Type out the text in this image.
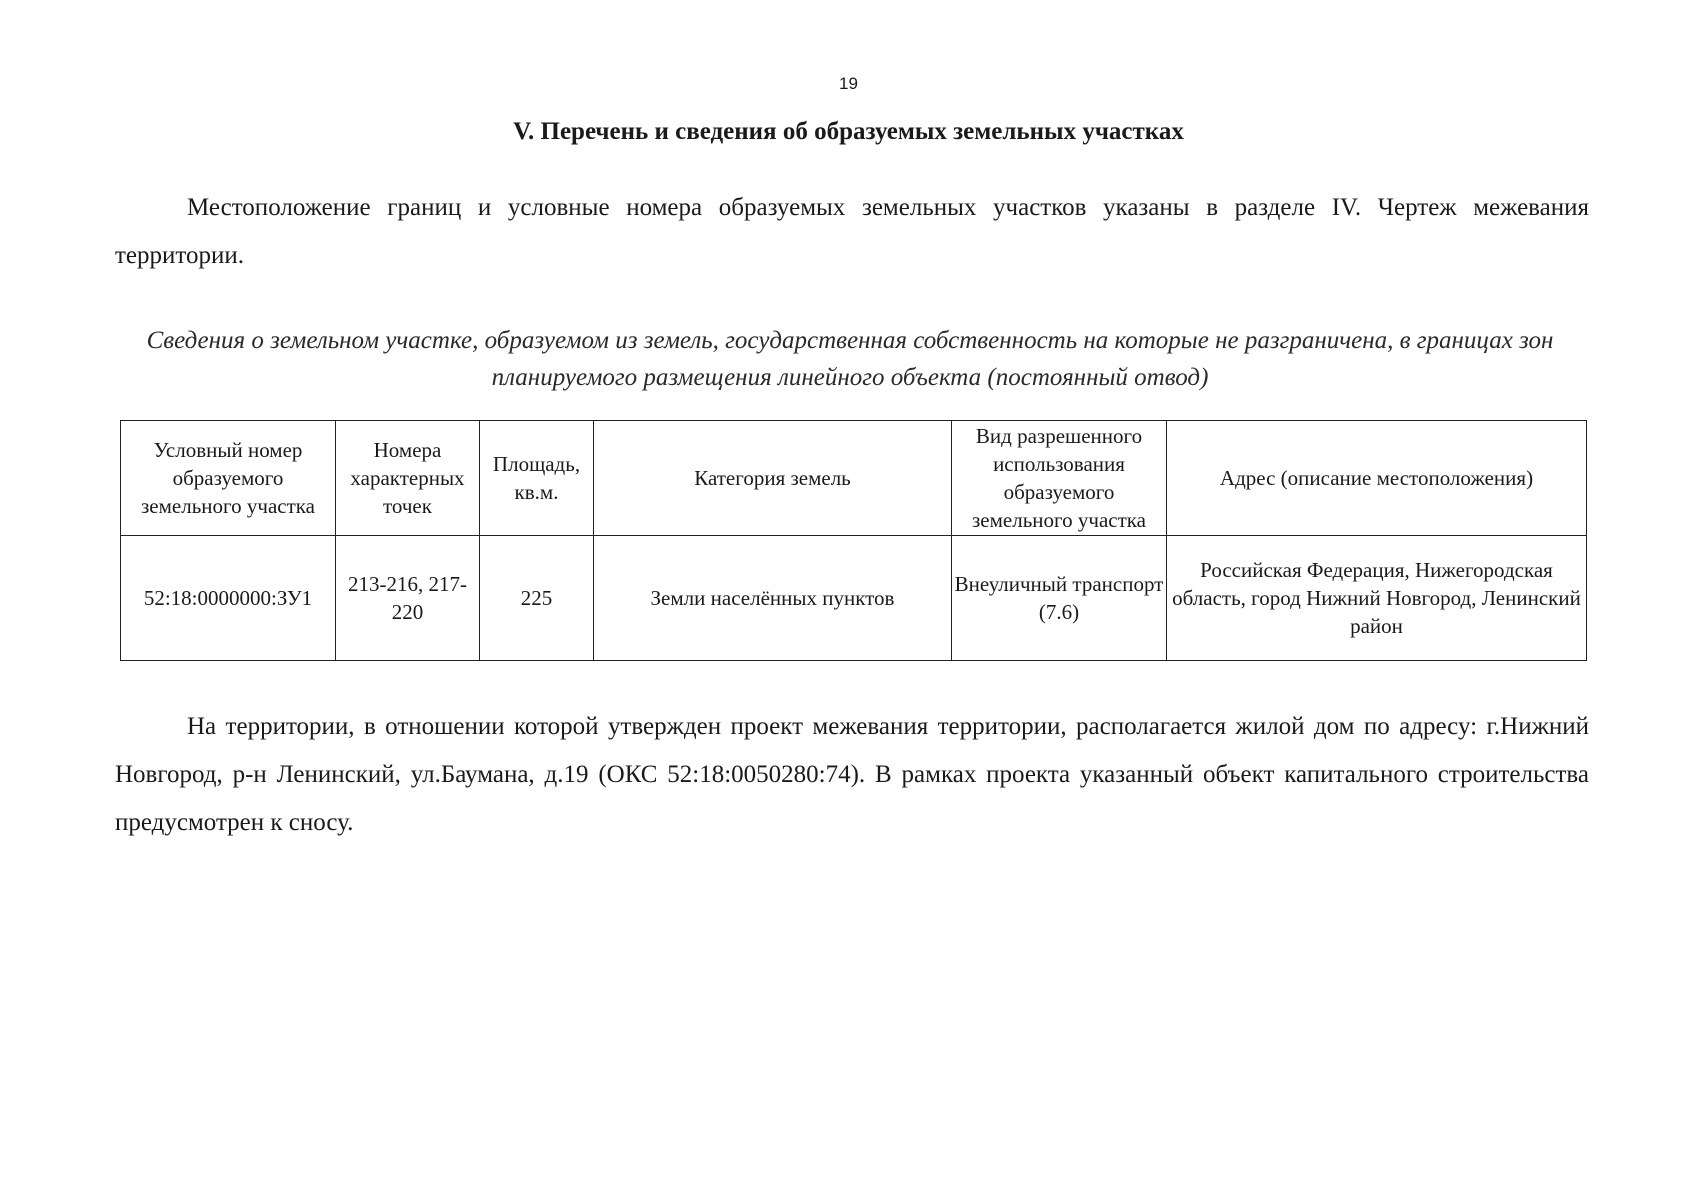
19
V. Перечень и сведения об образуемых земельных участках

Местоположение границ и условные номера образуемых земельных участков указаны в разделе IV. Чертеж межевания территории.

Сведения о земельном участке, образуемом из земель, государственная собственность на которые не разграничена, в границах зон планируемого размещения линейного объекта (постоянный отвод)
Условный номер образуемого земельного участка	Номера характерных точек	Площадь, кв.м.	Категория земель	Вид разрешенного использования образуемого земельного участка	Адрес (описание местоположения)
52:18:0000000:ЗУ1	213-216, 217-220	225	Земли населённых пунктов	Внеуличный транспорт (7.6)	Российская Федерация, Нижегородская область, город Нижний Новгород, Ленинский район

На территории, в отношении которой утвержден проект межевания территории, располагается жилой дом по адресу: г.Нижний Новгород, р-н Ленинский, ул.Баумана, д.19 (ОКС 52:18:0050280:74). В рамках проекта указанный объект капитального строительства предусмотрен к сносу.
